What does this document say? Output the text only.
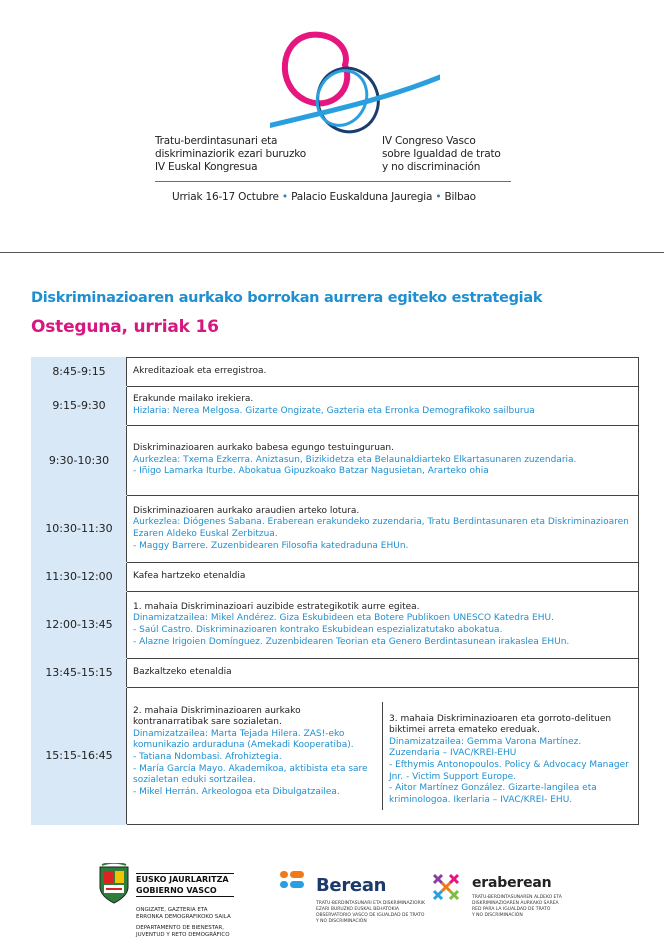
Tratu-berdintasunari eta
diskriminaziorik ezari buruzko
IV Euskal Kongresua
IV Congreso Vasco
sobre Igualdad de trato
y no discriminación
Urriak 16-17 Octubre • Palacio Euskalduna Jauregia • Bilbao
Diskriminazioaren aurkako borrokan aurrera egiteko estrategiak
Osteguna, urriak 16
8:45-9:15	Akreditazioak eta erregistroa.

9:15-9:30	Erakunde mailako irekiera.
Hizlaria: Nerea Melgosa. Gizarte Ongizate, Gazteria eta Erronka Demografikoko sailburua

9:30-10:30	
Diskriminazioaren aurkako babesa egungo testuinguruan.
Aurkezlea: Txema Ezkerra. Aniztasun, Bizikidetza eta Belaunaldiarteko Elkartasunaren zuzendaria.
- Iñigo Lamarka Iturbe. Abokatua Gipuzkoako Batzar Nagusietan, Arartekо ohia

10:30-11:30	
Diskriminazioaren aurkako araudien arteko lotura.
Aurkezlea: Diógenes Sabana. Eraberean erakundeko zuzendaria, Tratu Berdintasunaren eta Diskriminazioaren Ezaren Aldeko Euskal Zerbitzua.
- Maggy Barrere. Zuzenbidearen Filosofia katedraduna EHUn.

11:30-12:00	Kafea hartzeko etenaldia

12:00-13:45	
1. mahaia Diskriminazioari auzibide estrategikotik aurre egitea.
Dinamizatzailea: Mikel Andérez. Giza Eskubideen eta Botere Publikoen UNESCO Katedra EHU.
- Saúl Castro. Diskriminazioaren kontrako Eskubidean espezializatutako abokatua.
- Alazne Irigoien Domínguez. Zuzenbidearen Teorian eta Genero Berdintasunean irakaslea EHUn.

13:45-15:15	Bazkaltzeko etenaldia

15:15-16:45	
2. mahaia Diskriminazioaren aurkako kontranarratibak sare sozialetan.
Dinamizatzailea: Marta Tejada Hilera. ZAS!-eko komunikazio arduraduna (Amekadi Kooperatiba).
- Tatiana Ndombasi. Afrohiztegia.
- María García Mayo. Akademikoa, aktibista eta sare sozialetan eduki sortzailea.
- Mikel Herrán. Arkeologoa eta Dibulgatzailea.

3. mahaia Diskriminazioaren eta gorroto-delituen biktimei arreta emateko ereduak.
Dinamizatzailea: Gemma Varona Martínez. Zuzendaria – IVAC/KREI-EHU
- Efthymis Antonopoulos. Policy & Advocacy Manager Jnr. - Victim Support Europe.
- Aitor Martínez González. Gizarte-langilea eta kriminologoa. Ikerlaria – IVAC/KREI- EHU.
EUSKO JAURLARITZA
GOBIERNO VASCO
ONGIZATE, GAZTERIA ETA
ERRONKA DEMOGRAFIKOKO SAILA
DEPARTAMENTO DE BIENESTAR,
JUVENTUD Y RETO DEMOGRÁFICO
Berean
TRATU-BERDINTASUNARI ETA DISKRIMINAZIORIK
EZARI BURUZKO EUSKAL BEHATOKIA
OBSERVATORIO VASCO DE IGUALDAD DE TRATO
Y NO DISCRIMINACIÓN
eraberean
TRATU-BERDINTASUNAREN ALDEKO ETA
DISKRIMINAZIOAREN AURKAKO SAREA
RED PARA LA IGUALDAD DE TRATO
Y NO DISCRIMINACIÓN
